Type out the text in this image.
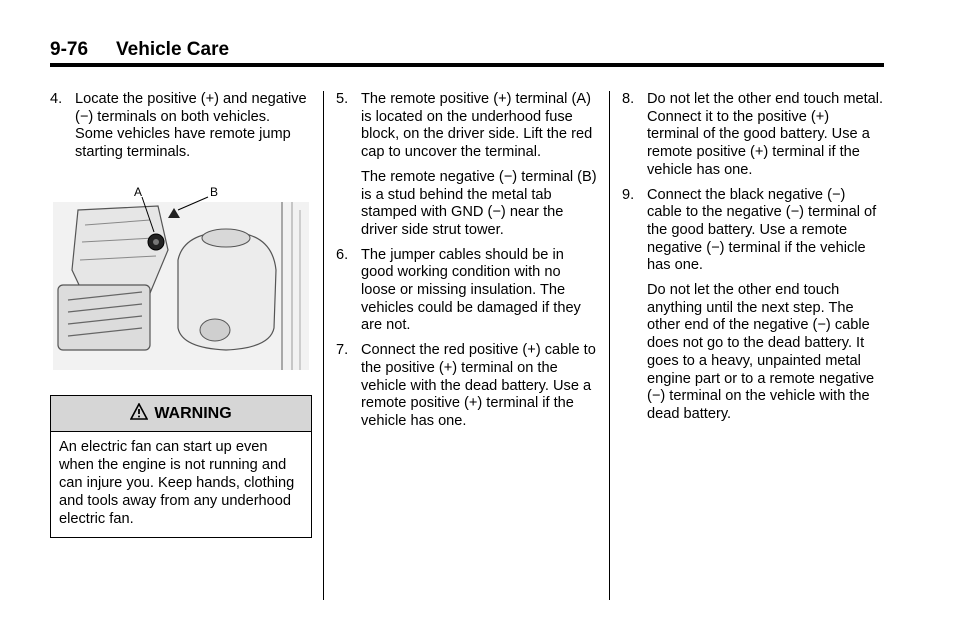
9-76 Vehicle Care
4. Locate the positive (+) and negative (−) terminals on both vehicles. Some vehicles have remote jump starting terminals.
A	B
WARNING
An electric fan can start up even when the engine is not running and can injure you. Keep hands, clothing and tools away from any underhood electric fan.
5. The remote positive (+) terminal (A) is located on the underhood fuse block, on the driver side. Lift the red cap to uncover the terminal.
The remote negative (−) terminal (B) is a stud behind the metal tab stamped with GND (−) near the driver side strut tower.
6. The jumper cables should be in good working condition with no loose or missing insulation. The vehicles could be damaged if they are not.
7. Connect the red positive (+) cable to the positive (+) terminal on the vehicle with the dead battery. Use a remote positive (+) terminal if the vehicle has one.
8. Do not let the other end touch metal. Connect it to the positive (+) terminal of the good battery. Use a remote positive (+) terminal if the vehicle has one.
9. Connect the black negative (−) cable to the negative (−) terminal of the good battery. Use a remote negative (−) terminal if the vehicle has one.
Do not let the other end touch anything until the next step. The other end of the negative (−) cable does not go to the dead battery. It goes to a heavy, unpainted metal engine part or to a remote negative (−) terminal on the vehicle with the dead battery.
